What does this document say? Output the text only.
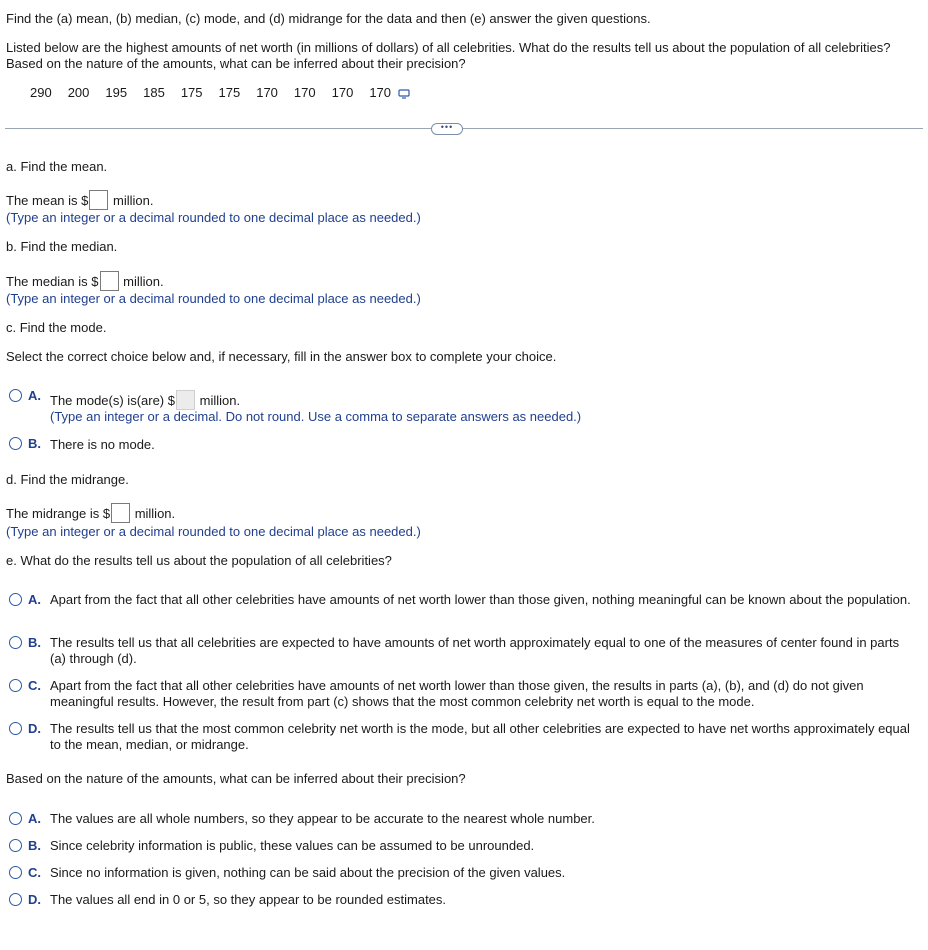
Find the (a) mean, (b) median, (c) mode, and (d) midrange for the data and then (e) answer the given questions.
Listed below are the highest amounts of net worth (in millions of dollars) of all celebrities. What do the results tell us about the population of all celebrities?
Based on the nature of the amounts, what can be inferred about their precision?
290 200 195 185 175 175 170 170 170 170
•••
a. Find the mean.
The mean is $ million.
(Type an integer or a decimal rounded to one decimal place as needed.)
b. Find the median.
The median is $ million.
(Type an integer or a decimal rounded to one decimal place as needed.)
c. Find the mode.
Select the correct choice below and, if necessary, fill in the answer box to complete your choice.
A. The mode(s) is(are) $ million.
(Type an integer or a decimal. Do not round. Use a comma to separate answers as needed.)
B. There is no mode.
d. Find the midrange.
The midrange is $ million.
(Type an integer or a decimal rounded to one decimal place as needed.)
e. What do the results tell us about the population of all celebrities?
A. Apart from the fact that all other celebrities have amounts of net worth lower than those given, nothing meaningful can be known about the population.
B. The results tell us that all celebrities are expected to have amounts of net worth approximately equal to one of the measures of center found in parts
(a) through (d).
C. Apart from the fact that all other celebrities have amounts of net worth lower than those given, the results in parts (a), (b), and (d) do not given
meaningful results. However, the result from part (c) shows that the most common celebrity net worth is equal to the mode.
D. The results tell us that the most common celebrity net worth is the mode, but all other celebrities are expected to have net worths approximately equal
to the mean, median, or midrange.
Based on the nature of the amounts, what can be inferred about their precision?
A. The values are all whole numbers, so they appear to be accurate to the nearest whole number.
B. Since celebrity information is public, these values can be assumed to be unrounded.
C. Since no information is given, nothing can be said about the precision of the given values.
D. The values all end in 0 or 5, so they appear to be rounded estimates.
